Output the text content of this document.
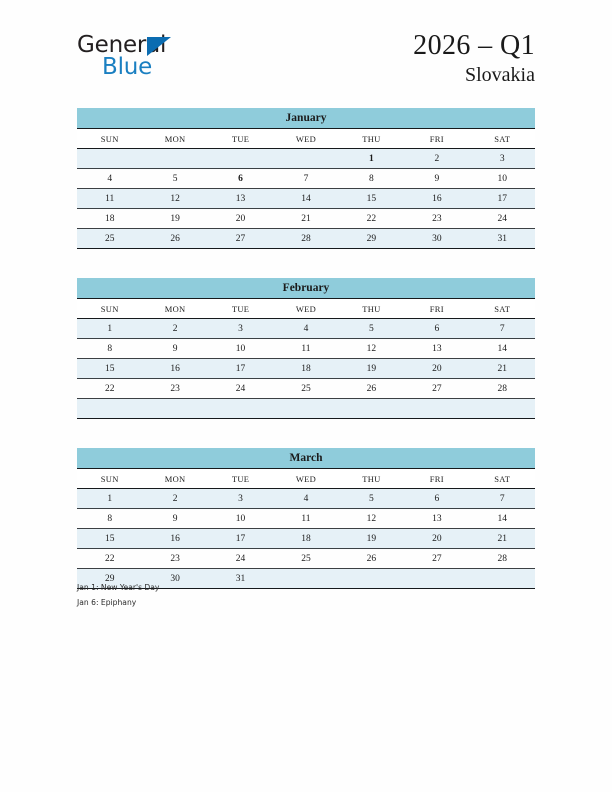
General
Blue
2026 – Q1
Slovakia
January
SUN	MON	TUE	WED	THU	FRI	SAT
				1	2	3
4	5	6	7	8	9	10
11	12	13	14	15	16	17
18	19	20	21	22	23	24
25	26	27	28	29	30	31
February
SUN	MON	TUE	WED	THU	FRI	SAT
1	2	3	4	5	6	7
8	9	10	11	12	13	14
15	16	17	18	19	20	21
22	23	24	25	26	27	28

March
SUN	MON	TUE	WED	THU	FRI	SAT
1	2	3	4	5	6	7
8	9	10	11	12	13	14
15	16	17	18	19	20	21
22	23	24	25	26	27	28
29	30	31				
Jan 1: New Year's Day
Jan 6: Epiphany
